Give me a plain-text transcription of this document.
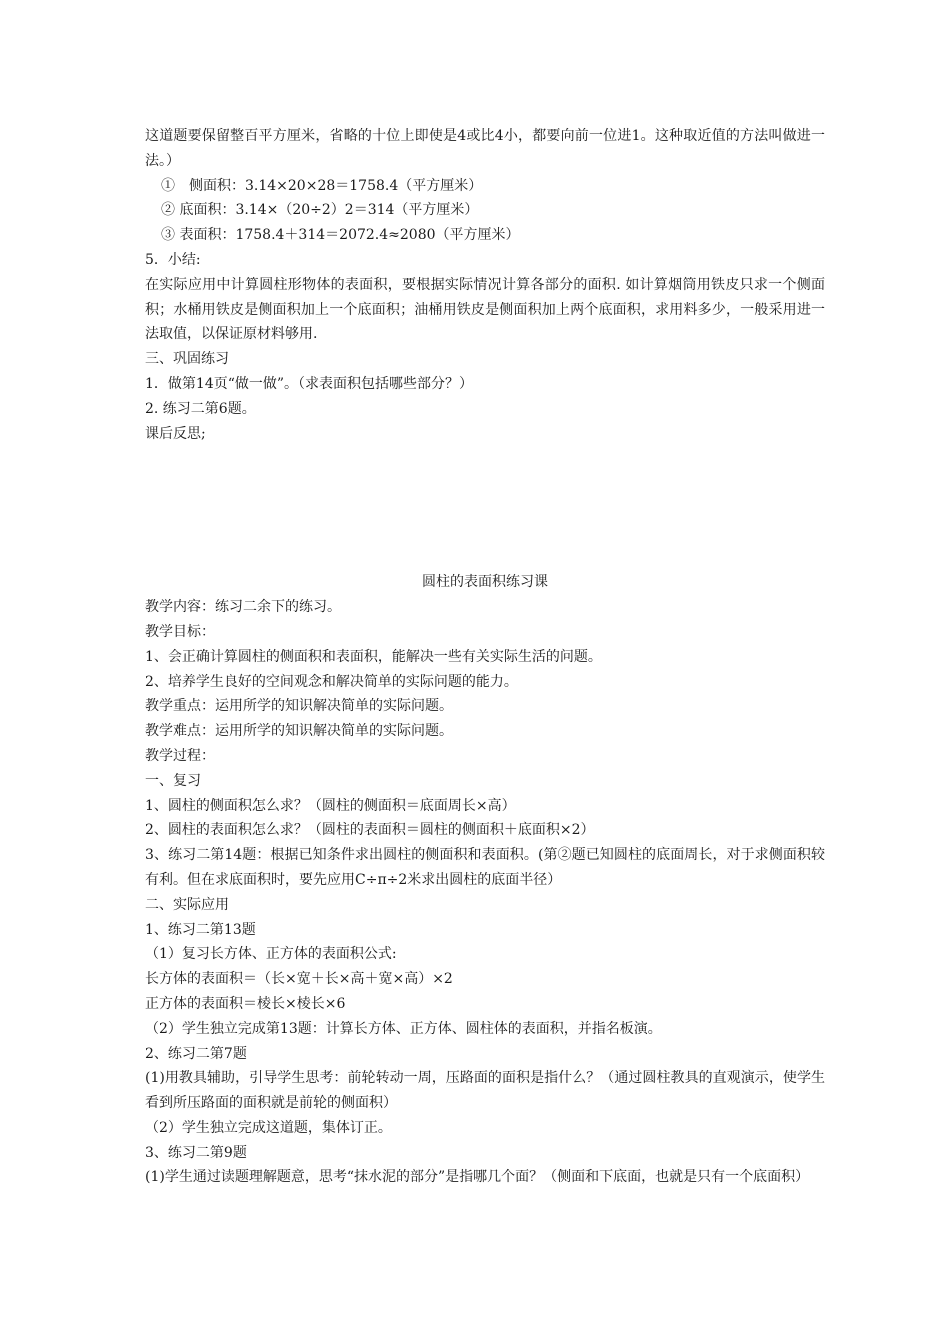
这道题要保留整百平方厘米，省略的十位上即使是4或比4小，都要向前一位进1。这种取近值的方法叫做进一法。）
①　侧面积：3.14×20×28＝1758.4（平方厘米）
② 底面积：3.14×（20÷2）2＝314（平方厘米）
③ 表面积：1758.4＋314＝2072.4≈2080（平方厘米）
5．小结:
在实际应用中计算圆柱形物体的表面积，要根据实际情况计算各部分的面积. 如计算烟筒用铁皮只求一个侧面积；水桶用铁皮是侧面积加上一个底面积；油桶用铁皮是侧面积加上两个底面积，求用料多少，一般采用进一法取值，以保证原材料够用.
三、巩固练习
1．做第14页“做一做”。（求表面积包括哪些部分？）
2. 练习二第6题。
课后反思;
圆柱的表面积练习课
教学内容：练习二余下的练习。
教学目标：
1、会正确计算圆柱的侧面积和表面积，能解决一些有关实际生活的问题。
2、培养学生良好的空间观念和解决简单的实际问题的能力。
教学重点：运用所学的知识解决简单的实际问题。
教学难点：运用所学的知识解决简单的实际问题。
教学过程：
一、复习
1、圆柱的侧面积怎么求？（圆柱的侧面积＝底面周长×高）
2、圆柱的表面积怎么求？（圆柱的表面积＝圆柱的侧面积＋底面积×2）
3、练习二第14题：根据已知条件求出圆柱的侧面积和表面积。(第②题已知圆柱的底面周长，对于求侧面积较有利。但在求底面积时，要先应用C÷π÷2米求出圆柱的底面半径）
二、实际应用
1、练习二第13题
（1）复习长方体、正方体的表面积公式:
长方体的表面积＝（长×宽＋长×高＋宽×高）×2
正方体的表面积＝棱长×棱长×6
（2）学生独立完成第13题：计算长方体、正方体、圆柱体的表面积，并指名板演。
2、练习二第7题
(1)用教具辅助，引导学生思考：前轮转动一周，压路面的面积是指什么？（通过圆柱教具的直观演示，使学生看到所压路面的面积就是前轮的侧面积）
（2）学生独立完成这道题，集体订正。
3、练习二第9题
(1)学生通过读题理解题意，思考“抹水泥的部分”是指哪几个面？（侧面和下底面，也就是只有一个底面积）
